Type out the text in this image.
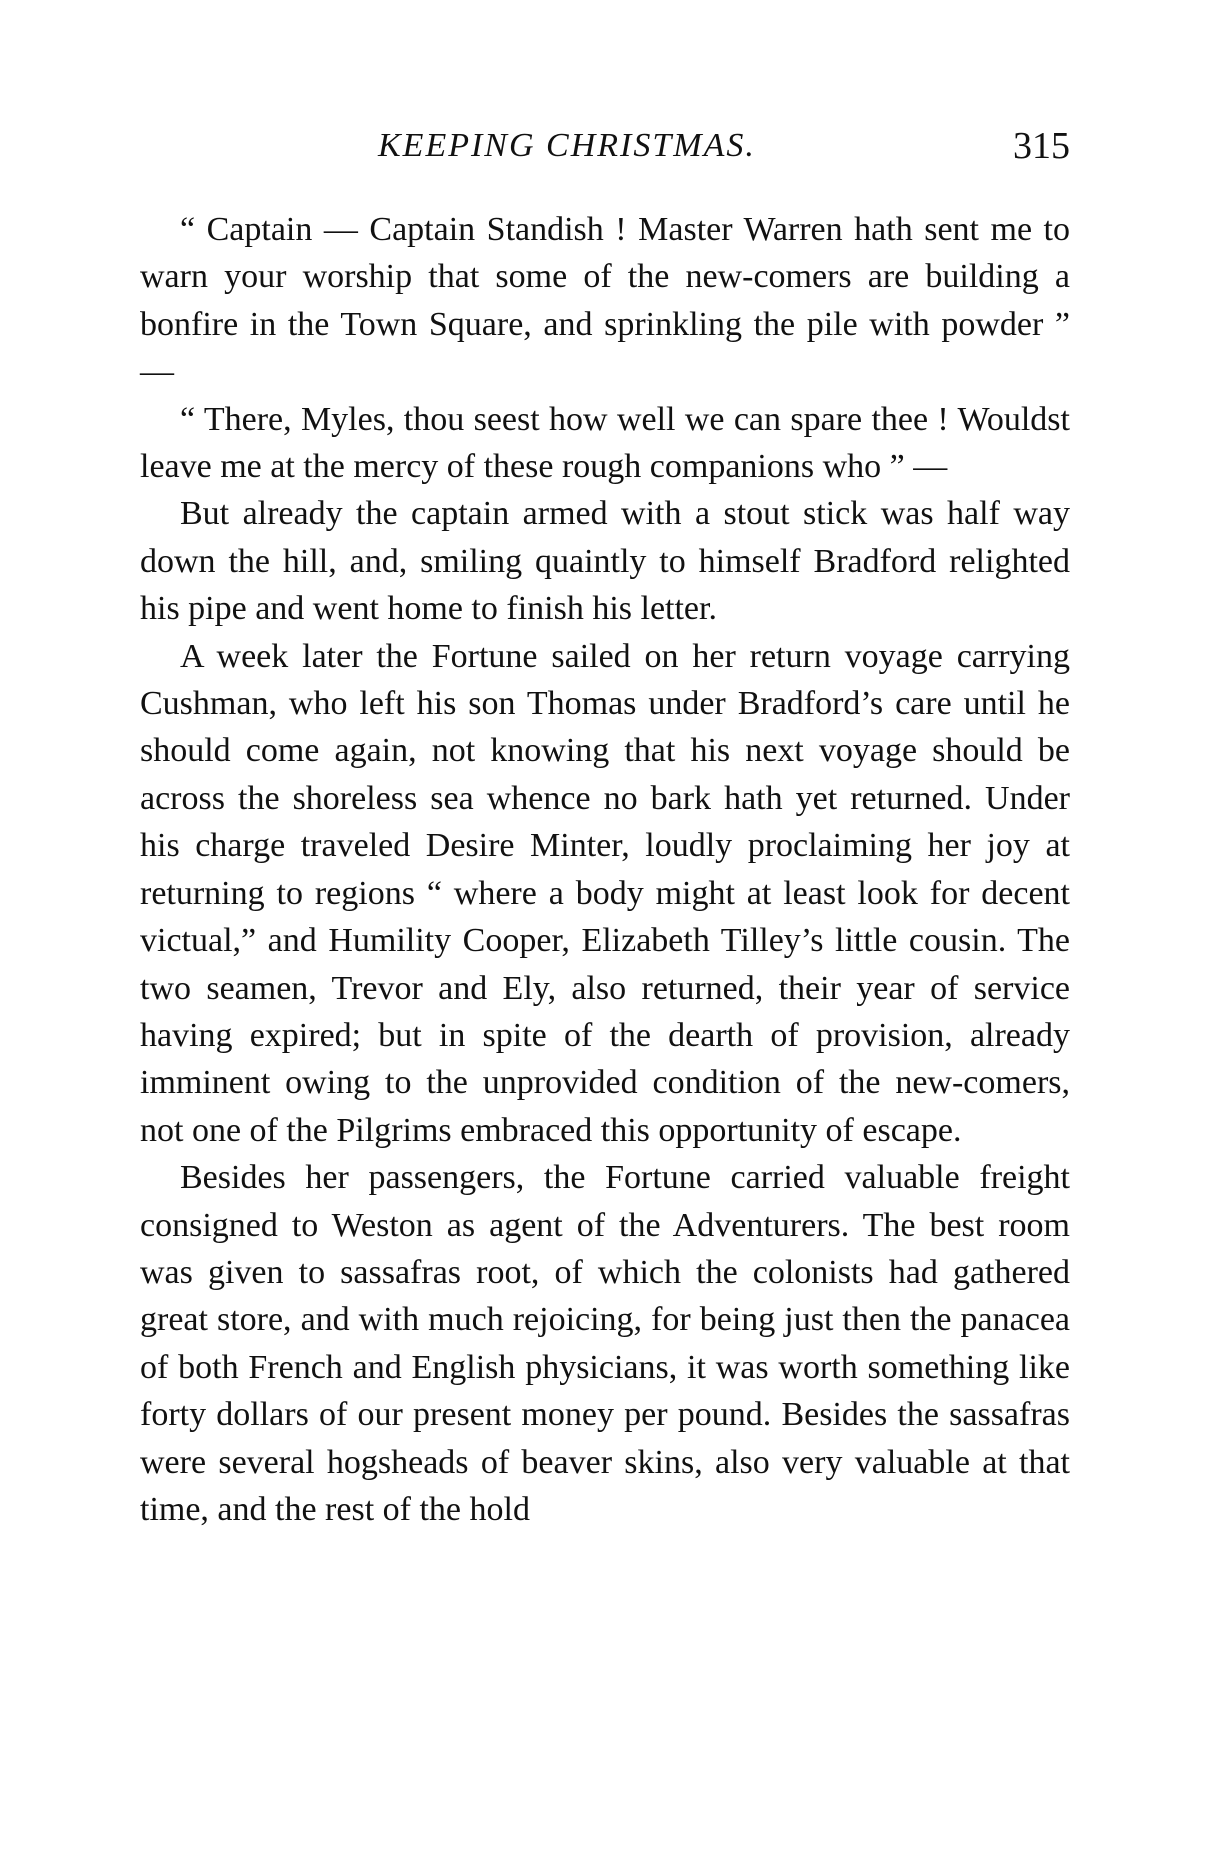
KEEPING CHRISTMAS.	315

“ Captain — Captain Standish ! Master Warren hath sent me to warn your worship that some of the new-comers are building a bonfire in the Town Square, and sprinkling the pile with powder ” —

“ There, Myles, thou seest how well we can spare thee ! Wouldst leave me at the mercy of these rough companions who ” —

But already the captain armed with a stout stick was half way down the hill, and, smiling quaintly to himself Bradford relighted his pipe and went home to finish his letter.

A week later the Fortune sailed on her return voyage carrying Cushman, who left his son Thomas under Bradford’s care until he should come again, not knowing that his next voyage should be across the shoreless sea whence no bark hath yet returned. Under his charge traveled Desire Minter, loudly proclaiming her joy at returning to regions “ where a body might at least look for decent victual,” and Humility Cooper, Elizabeth Tilley’s little cousin. The two seamen, Trevor and Ely, also returned, their year of service having expired; but in spite of the dearth of provision, already imminent owing to the unprovided condition of the new-comers, not one of the Pilgrims embraced this opportunity of escape.

Besides her passengers, the Fortune carried valuable freight consigned to Weston as agent of the Adventurers. The best room was given to sassafras root, of which the colonists had gathered great store, and with much rejoicing, for being just then the panacea of both French and English physicians, it was worth something like forty dollars of our present money per pound. Besides the sassafras were several hogsheads of beaver skins, also very valuable at that time, and the rest of the hold
